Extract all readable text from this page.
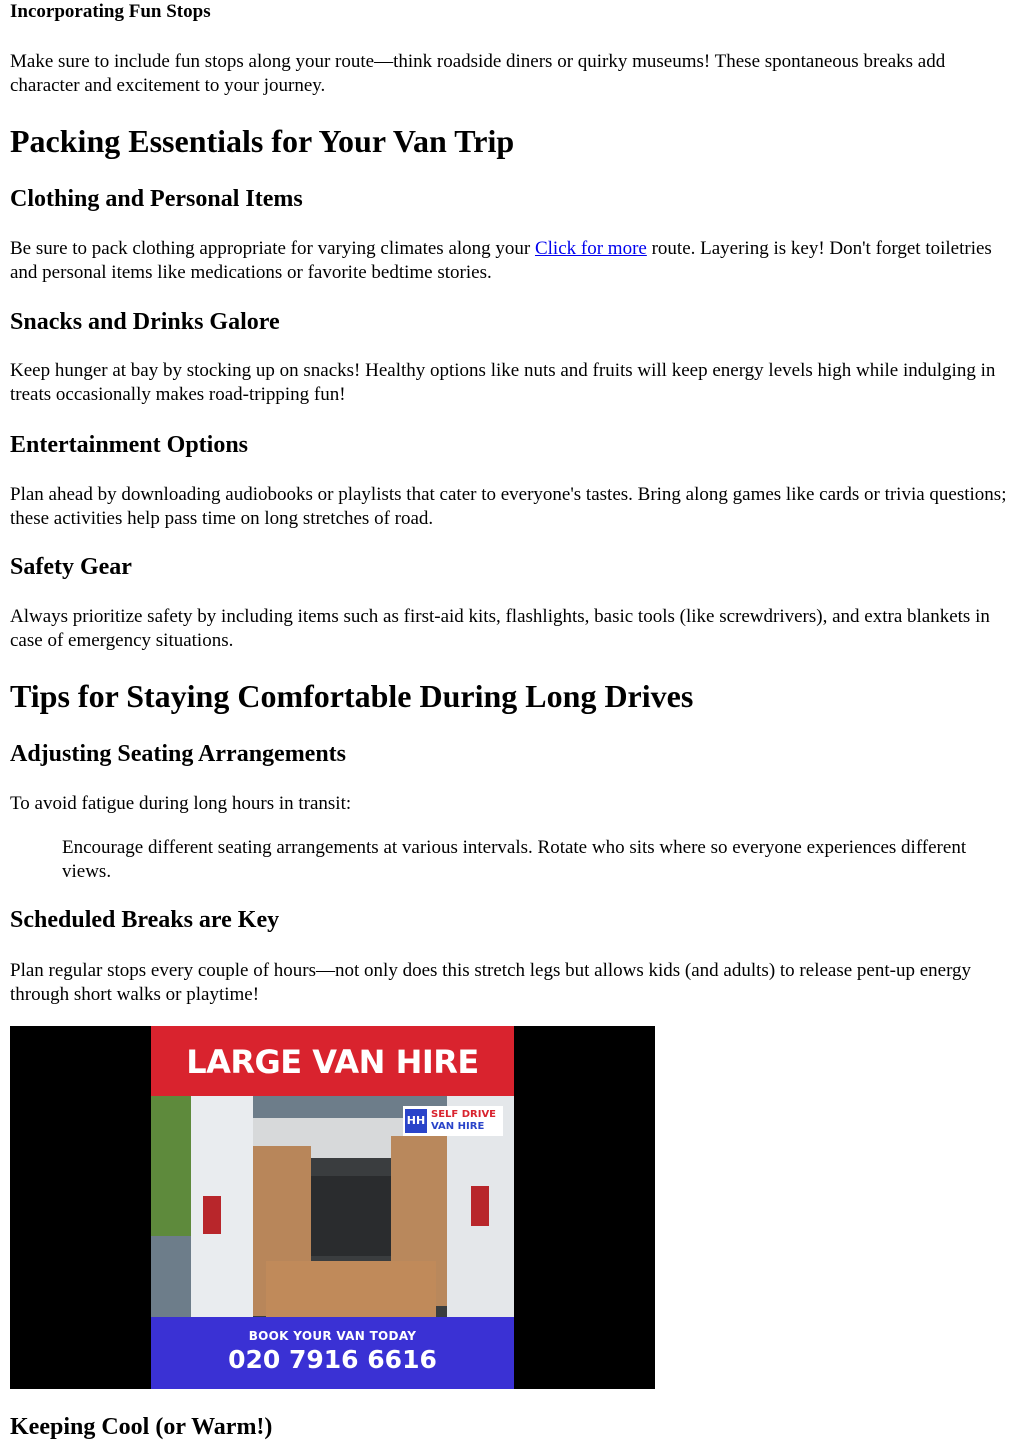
Incorporating Fun Stops

Make sure to include fun stops along your route—think roadside diners or quirky museums! These spontaneous breaks add character and excitement to your journey.

Packing Essentials for Your Van Trip
Clothing and Personal Items

Be sure to pack clothing appropriate for varying climates along your Click for more route. Layering is key! Don't forget toiletries and personal items like medications or favorite bedtime stories.

Snacks and Drinks Galore

Keep hunger at bay by stocking up on snacks! Healthy options like nuts and fruits will keep energy levels high while indulging in treats occasionally makes road-tripping fun!

Entertainment Options

Plan ahead by downloading audiobooks or playlists that cater to everyone's tastes. Bring along games like cards or trivia questions; these activities help pass time on long stretches of road.

Safety Gear

Always prioritize safety by including items such as first-aid kits, flashlights, basic tools (like screwdrivers), and extra blankets in case of emergency situations.

Tips for Staying Comfortable During Long Drives
Adjusting Seating Arrangements

To avoid fatigue during long hours in transit:

Encourage different seating arrangements at various intervals. Rotate who sits where so everyone experiences different views.
Scheduled Breaks are Key

Plan regular stops every couple of hours—not only does this stretch legs but allows kids (and adults) to release pent-up energy through short walks or playtime!

LARGE VAN HIRE
HH SELF DRIVE
VAN HIRE
BOOK YOUR VAN TODAY
020 7916 6616
Keeping Cool (or Warm!)
